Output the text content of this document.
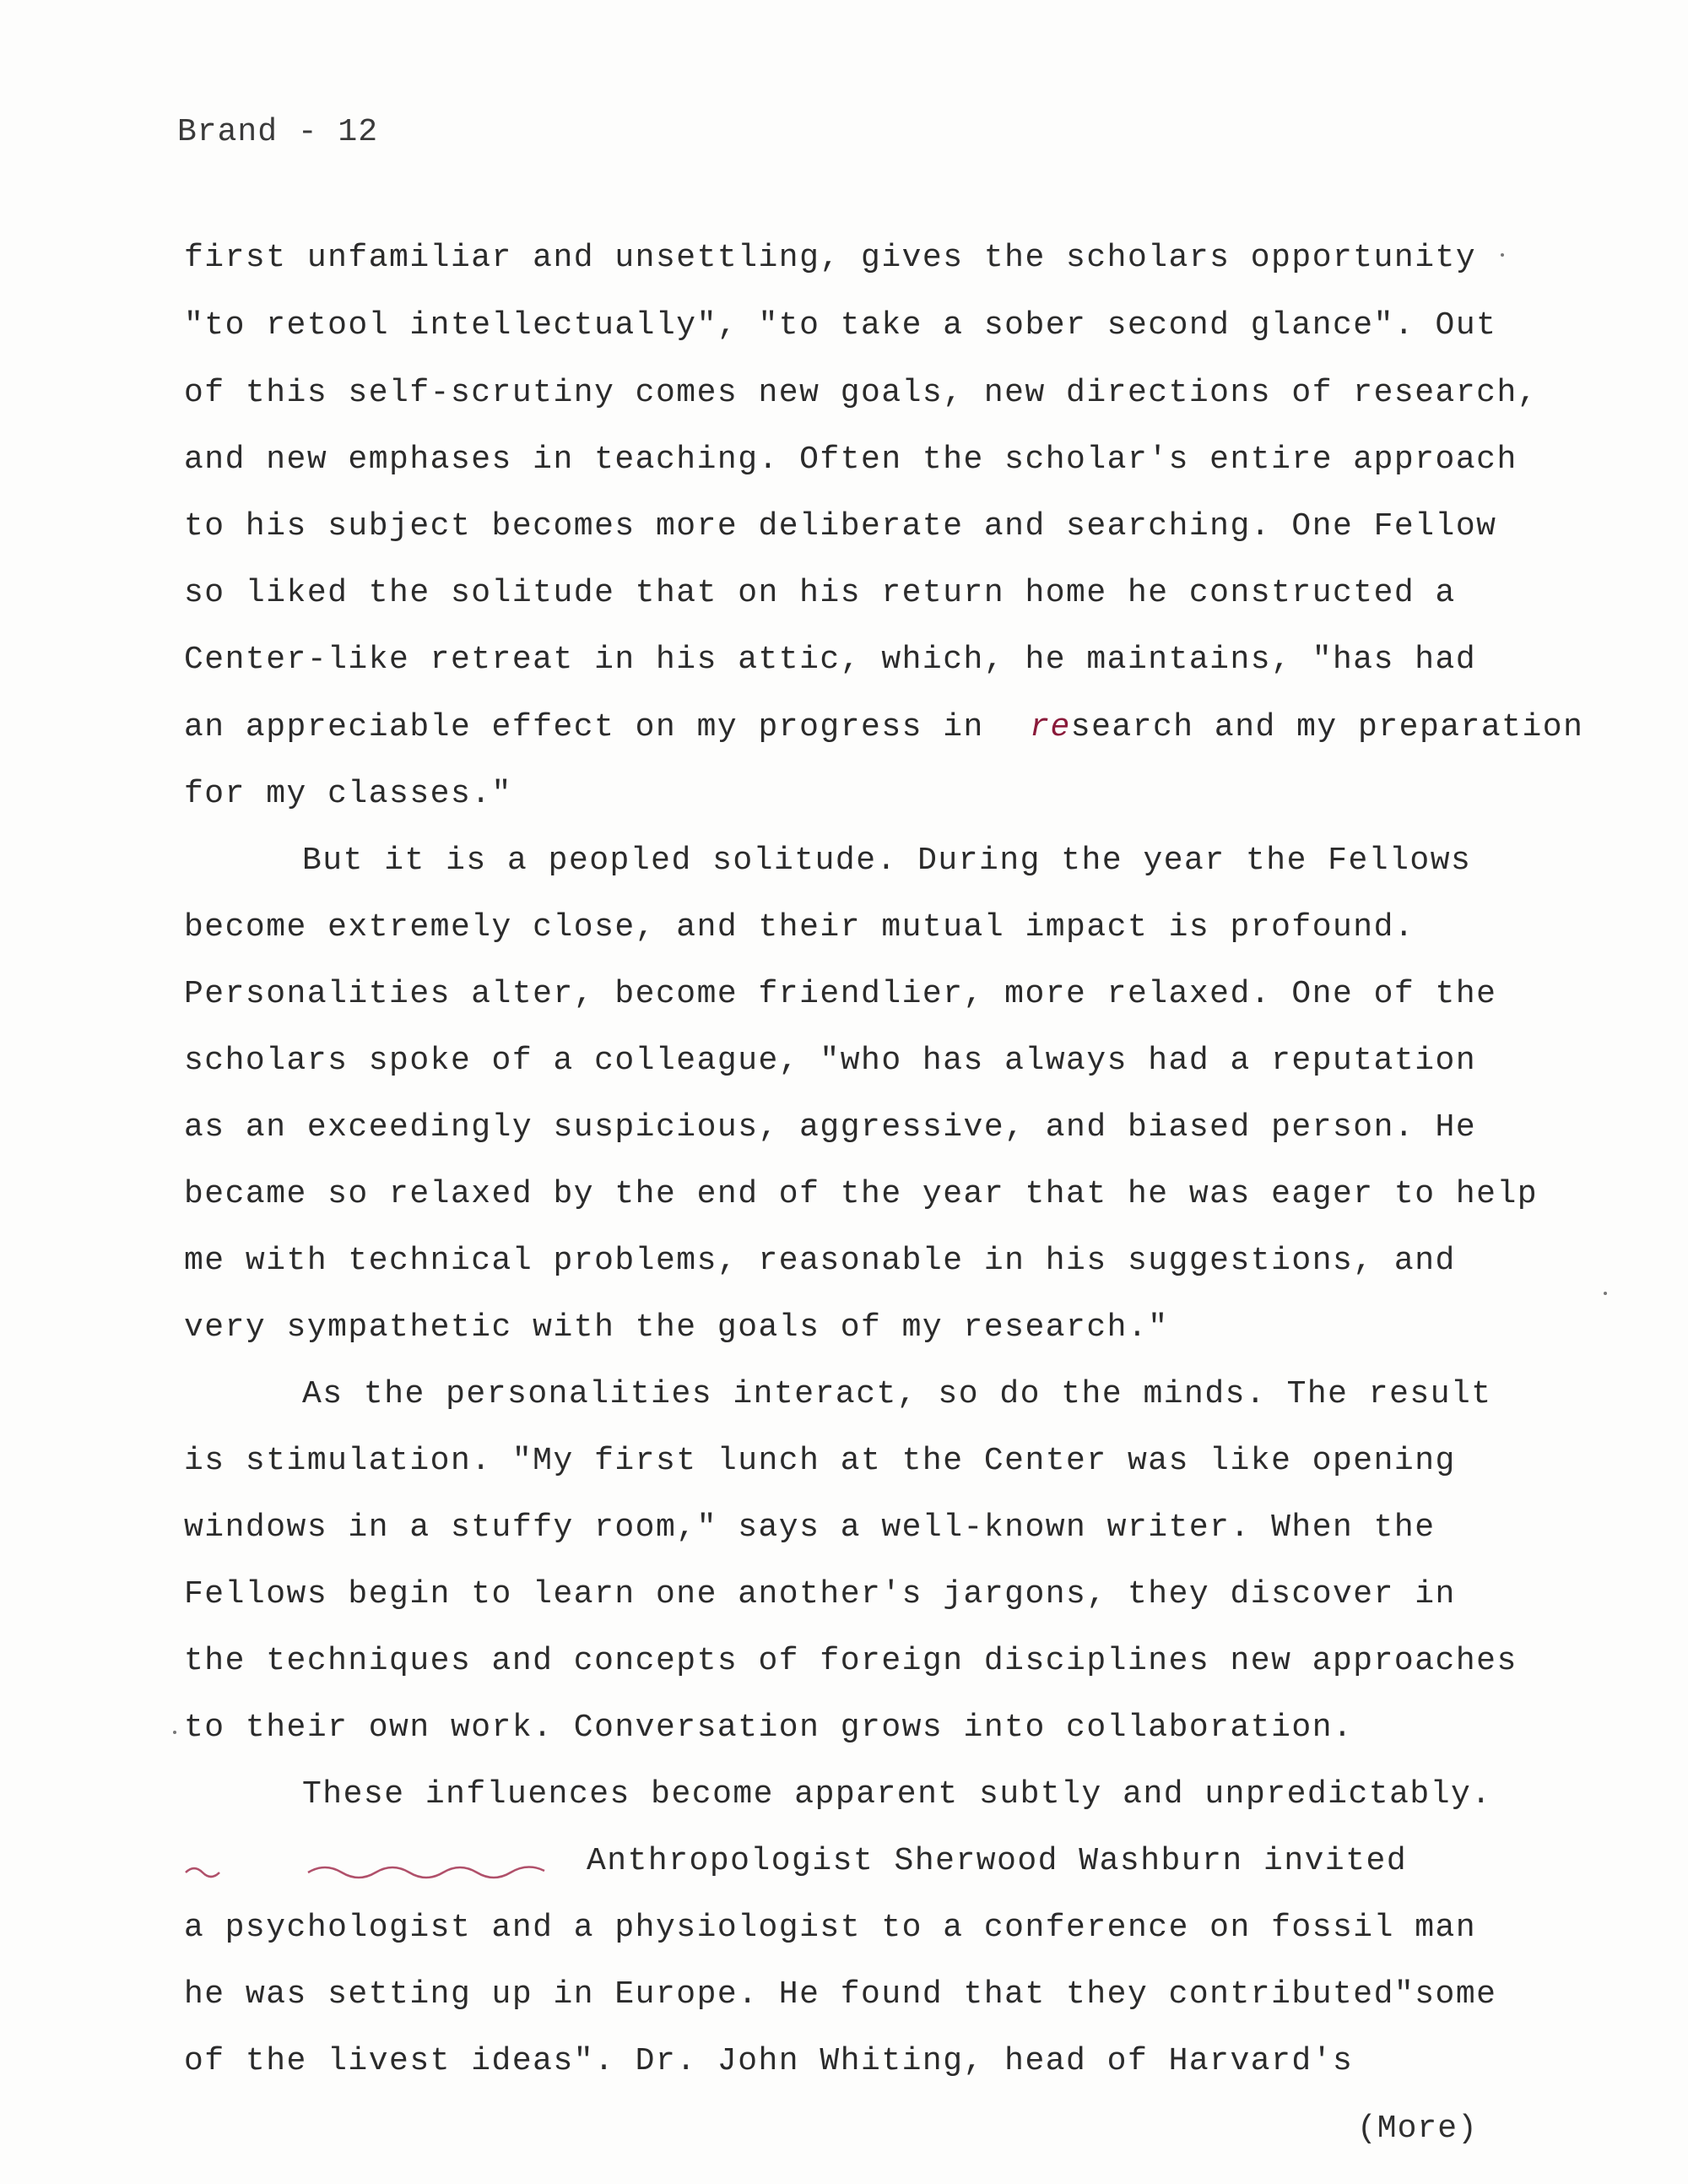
Brand - 12
first unfamiliar and unsettling, gives the scholars opportunity
"to retool intellectually", "to take a sober second glance". Out
of this self-scrutiny comes new goals, new directions of research,
and new emphases in teaching. Often the scholar's entire approach
to his subject becomes more deliberate and searching. One Fellow
so liked the solitude that on his return home he constructed a
Center-like retreat in his attic, which, he maintains, "has had
an appreciable effect on my progress in research and my preparation
for my classes."
But it is a peopled solitude. During the year the Fellows
become extremely close, and their mutual impact is profound.
Personalities alter, become friendlier, more relaxed. One of the
scholars spoke of a colleague, "who has always had a reputation
as an exceedingly suspicious, aggressive, and biased person. He
became so relaxed by the end of the year that he was eager to help
me with technical problems, reasonable in his suggestions, and
very sympathetic with the goals of my research."
As the personalities interact, so do the minds. The result
is stimulation. "My first lunch at the Center was like opening
windows in a stuffy room," says a well-known writer. When the
Fellows begin to learn one another's jargons, they discover in
the techniques and concepts of foreign disciplines new approaches
to their own work. Conversation grows into collaboration.
These influences become apparent subtly and unpredictably.
Anthropologist Sherwood Washburn invited
a psychologist and a physiologist to a conference on fossil man
he was setting up in Europe. He found that they contributed"some
of the livest ideas". Dr. John Whiting, head of Harvard's
(More)
